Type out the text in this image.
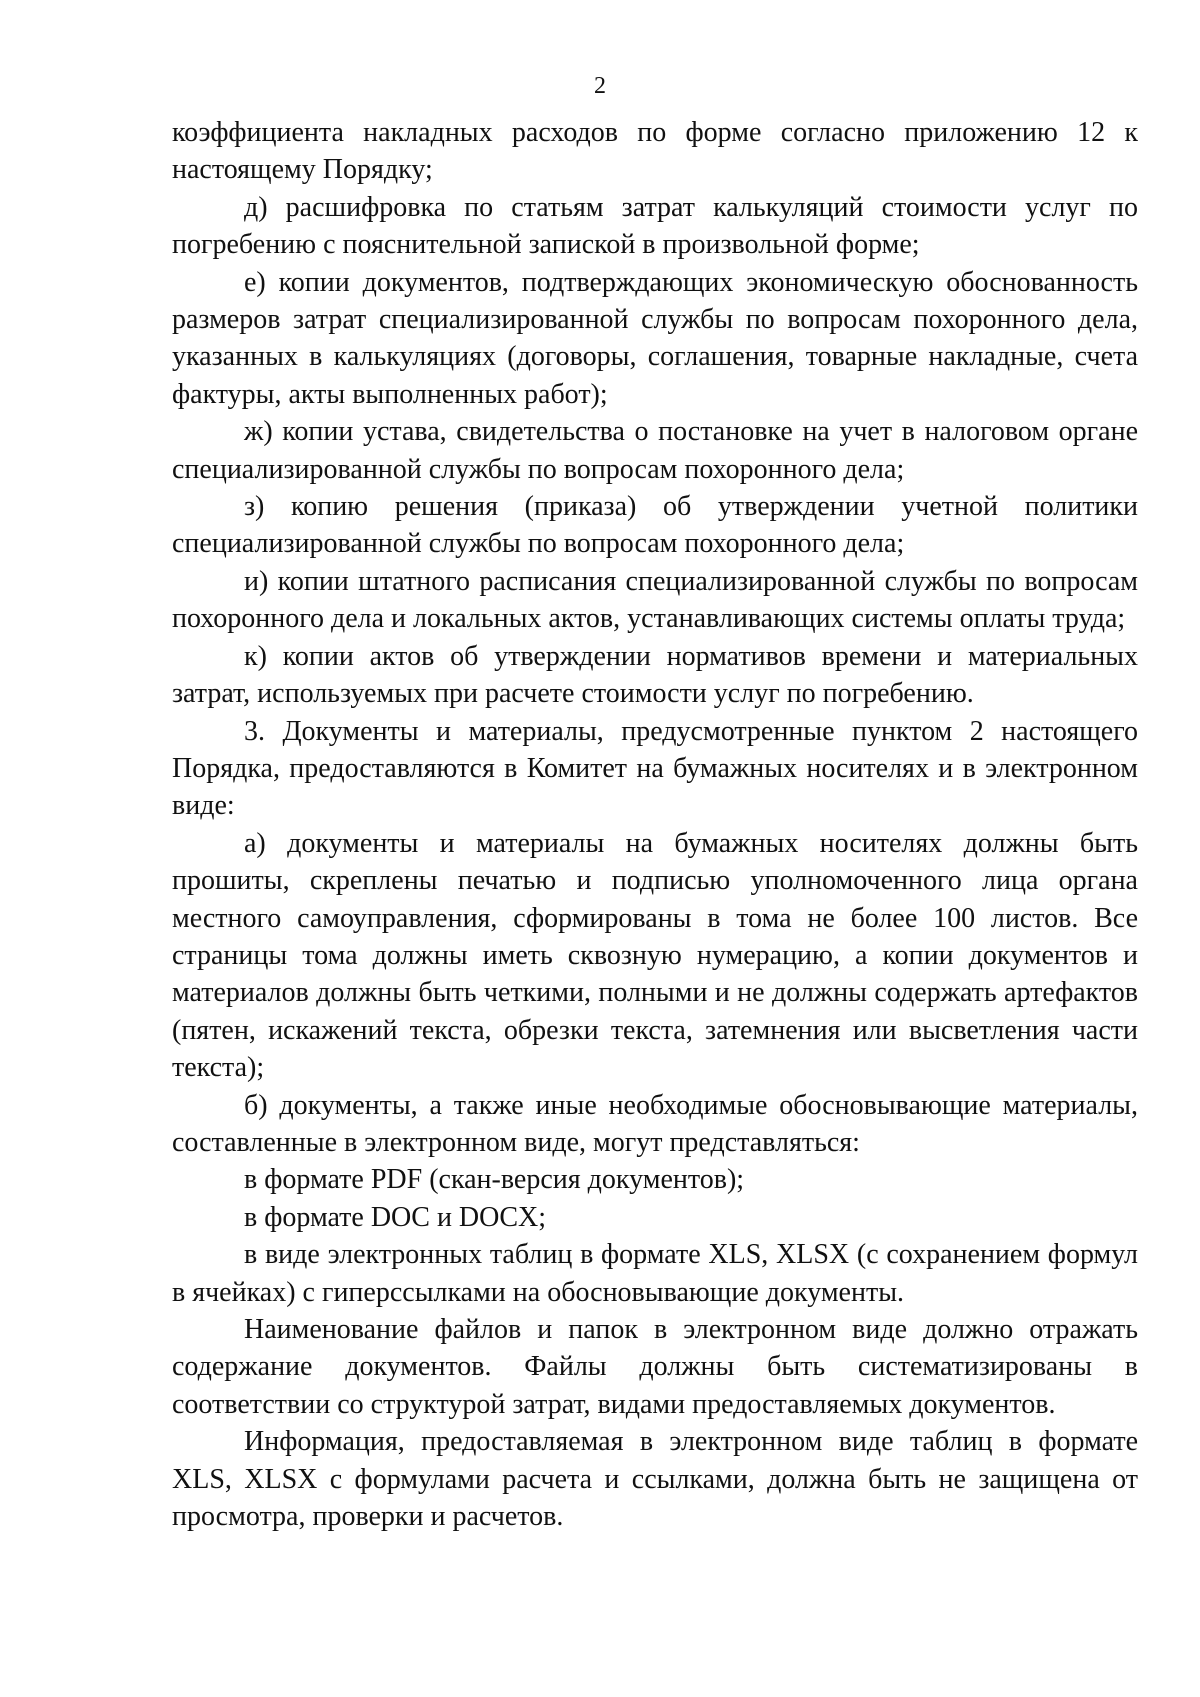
2

коэффициента накладных расходов по форме согласно приложению 12 к настоящему Порядку;

д) расшифровка по статьям затрат калькуляций стоимости услуг по погребению с пояснительной запиской в произвольной форме;

е) копии документов, подтверждающих экономическую обоснованность размеров затрат специализированной службы по вопросам похоронного дела, указанных в калькуляциях (договоры, соглашения, товарные накладные, счета фактуры, акты выполненных работ);

ж) копии устава, свидетельства о постановке на учет в налоговом органе специализированной службы по вопросам похоронного дела;

з) копию решения (приказа) об утверждении учетной политики специализированной службы по вопросам похоронного дела;

и) копии штатного расписания специализированной службы по вопросам похоронного дела и локальных актов, устанавливающих системы оплаты труда;

к) копии актов об утверждении нормативов времени и материальных затрат, используемых при расчете стоимости услуг по погребению.

3. Документы и материалы, предусмотренные пунктом 2 настоящего Порядка, предоставляются в Комитет на бумажных носителях и в электронном виде:

а) документы и материалы на бумажных носителях должны быть прошиты, скреплены печатью и подписью уполномоченного лица органа местного самоуправления, сформированы в тома не более 100 листов. Все страницы тома должны иметь сквозную нумерацию, а копии документов и материалов должны быть четкими, полными и не должны содержать артефактов (пятен, искажений текста, обрезки текста, затемнения или высветления части текста);

б) документы, а также иные необходимые обосновывающие материалы, составленные в электронном виде, могут представляться:

в формате PDF (скан-версия документов);

в формате DOC и DOCX;

в виде электронных таблиц в формате XLS, XLSX (с сохранением формул в ячейках) с гиперссылками на обосновывающие документы.

Наименование файлов и папок в электронном виде должно отражать содержание документов. Файлы должны быть систематизированы в соответствии со структурой затрат, видами предоставляемых документов.

Информация, предоставляемая в электронном виде таблиц в формате XLS, XLSX с формулами расчета и ссылками, должна быть не защищена от просмотра, проверки и расчетов.
